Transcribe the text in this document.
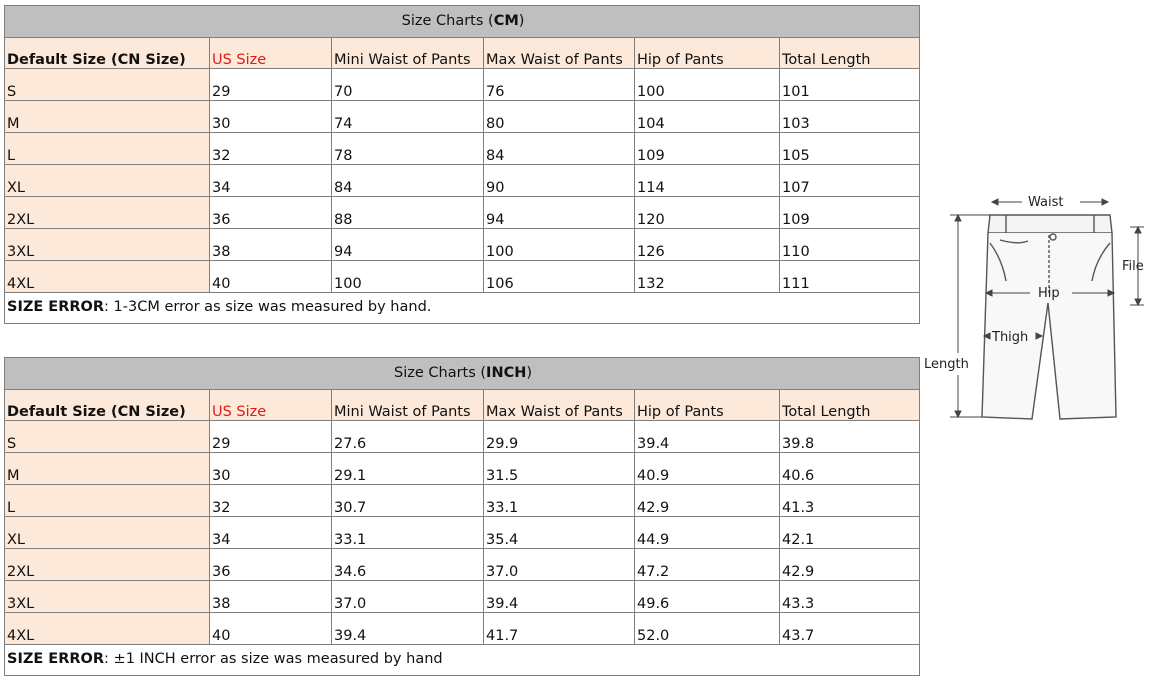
Size Charts (CM)					
Default Size (CN Size)	US Size	Mini Waist of Pants	Max Waist of Pants	Hip of Pants	Total Length
S	29	70	76	100	101
M	30	74	80	104	103
L	32	78	84	109	105
XL	34	84	90	114	107
2XL	36	88	94	120	109
3XL	38	94	100	126	110
4XL	40	100	106	132	111
SIZE ERROR: 1-3CM error as size was measured by hand.					
Size Charts (INCH)					
Default Size (CN Size)	US Size	Mini Waist of Pants	Max Waist of Pants	Hip of Pants	Total Length
S	29	27.6	29.9	39.4	39.8
M	30	29.1	31.5	40.9	40.6
L	32	30.7	33.1	42.9	41.3
XL	34	33.1	35.4	44.9	42.1
2XL	36	34.6	37.0	47.2	42.9
3XL	38	37.0	39.4	49.6	43.3
4XL	40	39.4	41.7	52.0	43.7
SIZE ERROR: ±1 INCH error as size was measured by hand					
Waist
File
Hip
Thigh
Length
